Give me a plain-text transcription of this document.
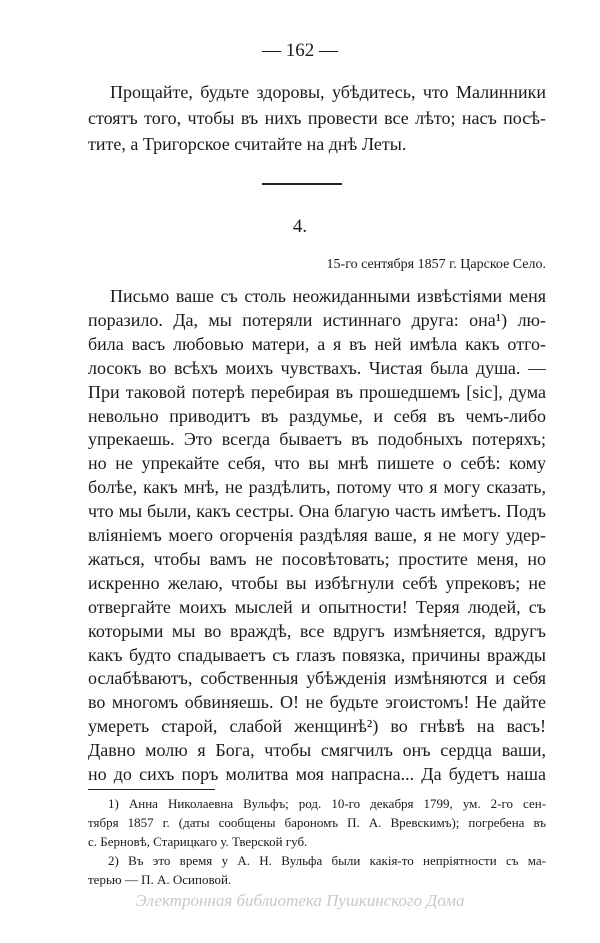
— 162 —
Прощайте, будьте здоровы, убѣдитесь, что Малинники
стоятъ того, чтобы въ нихъ провести все лѣто; насъ посѣ-
тите, а Тригорское считайте на днѣ Леты.
4.
15-го сентября 1857 г. Царское Село.
Письмо ваше съ столь неожиданными извѣстіями меня
поразило. Да, мы потеряли истиннаго друга: она¹) лю-
била васъ любовью матери, а я въ ней имѣла какъ отго-
лосокъ во всѣхъ моихъ чувствахъ. Чистая была душа. —
При таковой потерѣ перебирая въ прошедшемъ [sic], дума
невольно приводитъ въ раздумье, и себя въ чемъ-либо
упрекаешь. Это всегда бываетъ въ подобныхъ потеряхъ;
но не упрекайте себя, что вы мнѣ пишете о себѣ: кому
болѣе, какъ мнѣ, не раздѣлить, потому что я могу сказать,
что мы были, какъ сестры. Она благую часть имѣетъ. Подъ
вліяніемъ моего огорченія раздѣляя ваше, я не могу удер-
жаться, чтобы вамъ не посовѣтовать; простите меня, но
искренно желаю, чтобы вы избѣгнули себѣ упрековъ; не
отвергайте моихъ мыслей и опытности! Теряя людей, съ
которыми мы во враждѣ, все вдругъ измѣняется, вдругъ
какъ будто спадываетъ съ глазъ повязка, причины вражды
ослабѣваютъ, собственныя убѣжденія измѣняются и себя
во многомъ обвиняешь. О! не будьте эгоистомъ! Не дайте
умереть старой, слабой женщинѣ²) во гнѣвѣ на васъ!
Давно молю я Бога, чтобы смягчилъ онъ сердца ваши,
но до сихъ поръ молитва моя напрасна... Да будетъ наша
1) Анна Николаевна Вульфъ; род. 10-го декабря 1799, ум. 2-го сен-
тября 1857 г. (даты сообщены барономъ П. А. Вревскимъ); погребена въ
с. Берновѣ, Старицкаго у. Тверской губ.
2) Въ это время у А. Н. Вульфа были какія-то непріятности съ ма-
терью — П. А. Осиповой.
Электронная библиотека Пушкинского Дома
